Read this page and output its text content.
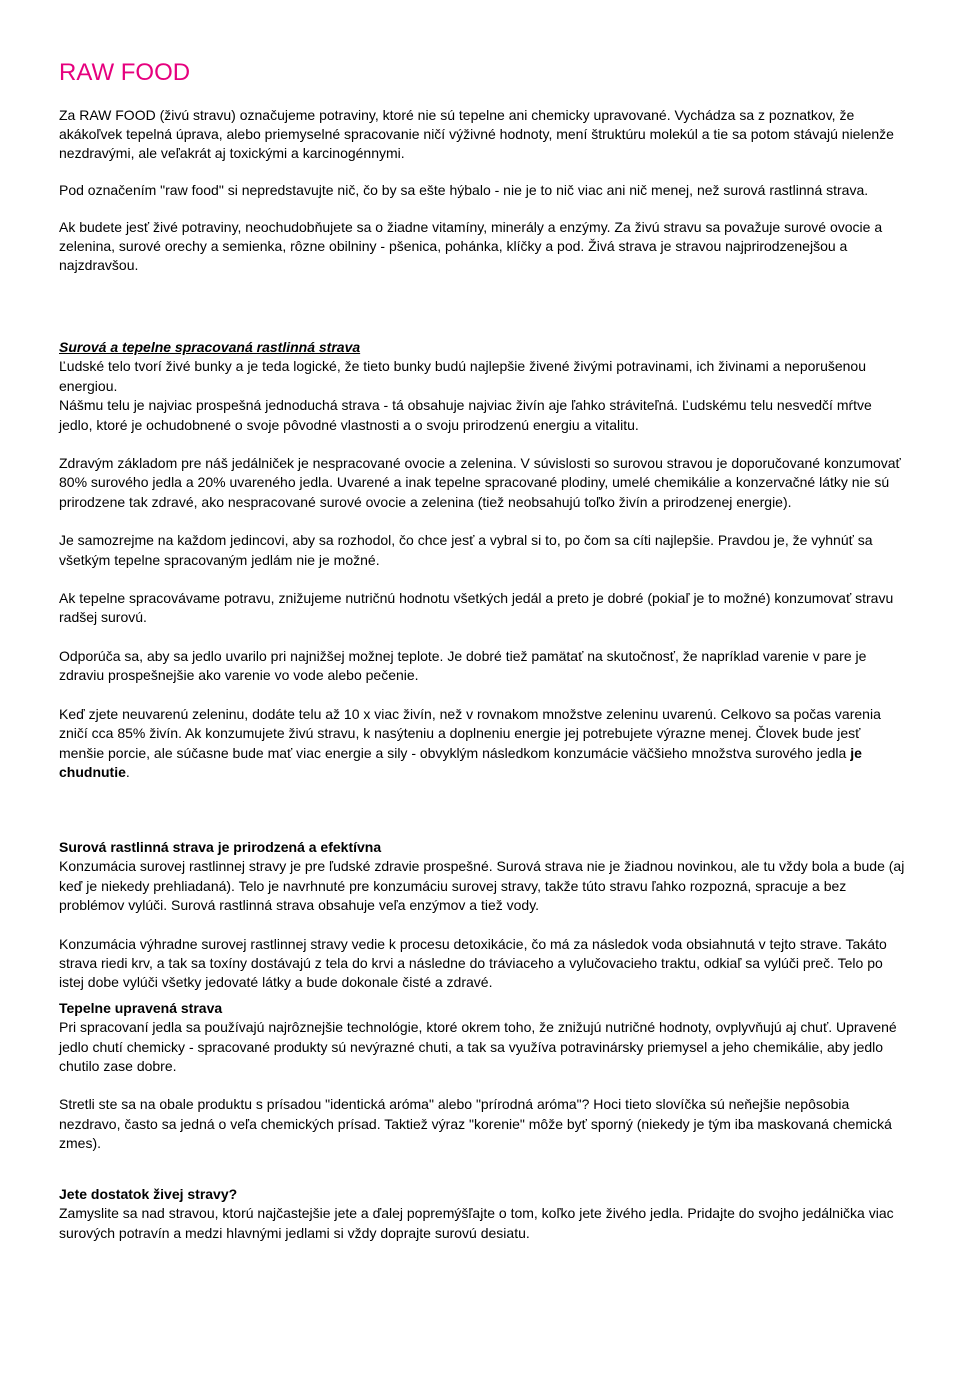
RAW FOOD

Za RAW FOOD (živú stravu) označujeme potraviny, ktoré nie sú tepelne ani chemicky upravované. Vychádza sa z poznatkov, že akákoľvek tepelná úprava, alebo priemyselné spracovanie ničí výživné hodnoty, mení štruktúru molekúl a tie sa potom stávajú nielenže nezdravými, ale veľakrát aj toxickými a karcinogénnymi.

Pod označením "raw food" si nepredstavujte nič, čo by sa ešte hýbalo - nie je to nič viac ani nič menej, než surová rastlinná strava.

Ak budete jesť živé potraviny, neochudobňujete sa o žiadne vitamíny, minerály a enzýmy. Za živú stravu sa považuje surové ovocie a zelenina, surové orechy a semienka, rôzne obilniny - pšenica, pohánka, klíčky a pod. Živá strava je stravou najprirodzenejšou a najzdravšou.

Surová a tepelne spracovaná rastlinná strava

Ľudské telo tvorí živé bunky a je teda logické, že tieto bunky budú najlepšie živené živými potravinami, ich živinami a neporušenou energiou.

Nášmu telu je najviac prospešná jednoduchá strava - tá obsahuje najviac živín aje ľahko stráviteľná. Ľudskému telu nesvedčí mŕtve jedlo, ktoré je ochudobnené o svoje pôvodné vlastnosti a o svoju prirodzenú energiu a vitalitu.

Zdravým základom pre náš jedálniček je nespracované ovocie a zelenina. V súvislosti so surovou stravou je doporučované konzumovať 80% surového jedla a 20% uvareného jedla. Uvarené a inak tepelne spracované plodiny, umelé chemikálie a konzervačné látky nie sú prirodzene tak zdravé, ako nespracované surové ovocie a zelenina (tiež neobsahujú toľko živín a prirodzenej energie).

Je samozrejme na každom jedincovi, aby sa rozhodol, čo chce jesť a vybral si to, po čom sa cíti najlepšie. Pravdou je, že vyhnúť sa všetkým tepelne spracovaným jedlám nie je možné.

Ak tepelne spracovávame potravu, znižujeme nutričnú hodnotu všetkých jedál a preto je dobré (pokiaľ je to možné) konzumovať stravu radšej surovú.

Odporúča sa, aby sa jedlo uvarilo pri najnižšej možnej teplote. Je dobré tiež pamätať na skutočnosť, že napríklad varenie v pare je zdraviu prospešnejšie ako varenie vo vode alebo pečenie.

Keď zjete neuvarenú zeleninu, dodáte telu až 10 x viac živín, než v rovnakom množstve zeleninu uvarenú. Celkovo sa počas varenia zničí cca 85% živín. Ak konzumujete živú stravu, k nasýteniu a doplneniu energie jej potrebujete výrazne menej. Človek bude jesť menšie porcie, ale súčasne bude mať viac energie a sily - obvyklým následkom konzumácie väčšieho množstva surového jedla je chudnutie.

Surová rastlinná strava je prirodzená a efektívna

Konzumácia surovej rastlinnej stravy je pre ľudské zdravie prospešné. Surová strava nie je žiadnou novinkou, ale tu vždy bola a bude (aj keď je niekedy prehliadaná). Telo je navrhnuté pre konzumáciu surovej stravy, takže túto stravu ľahko rozpozná, spracuje a bez problémov vylúči. Surová rastlinná strava obsahuje veľa enzýmov a tiež vody.

Konzumácia výhradne surovej rastlinnej stravy vedie k procesu detoxikácie, čo má za následok voda obsiahnutá v tejto strave. Takáto strava riedi krv, a tak sa toxíny dostávajú z tela do krvi a následne do tráviaceho a vylučovacieho traktu, odkiaľ sa vylúči preč. Telo po istej dobe vylúči všetky jedovaté látky a bude dokonale čisté a zdravé.

Tepelne upravená strava

Pri spracovaní jedla sa používajú najrôznejšie technológie, ktoré okrem toho, že znižujú nutričné hodnoty, ovplyvňujú aj chuť. Upravené jedlo chutí chemicky - spracované produkty sú nevýrazné chuti, a tak sa využíva potravinársky priemysel a jeho chemikálie, aby jedlo chutilo zase dobre.

Stretli ste sa na obale produktu s prísadou "identická aróma" alebo "prírodná aróma"? Hoci tieto slovíčka sú neňejšie nepôsobia nezdravo, často sa jedná o veľa chemických prísad. Taktiež výraz "korenie" môže byť sporný (niekedy je tým iba maskovaná chemická zmes).

Jete dostatok živej stravy?

Zamyslite sa nad stravou, ktorú najčastejšie jete a ďalej popremýšľajte o tom, koľko jete živého jedla. Pridajte do svojho jedálnička viac surových potravín a medzi hlavnými jedlami si vždy doprajte surovú desiatu.
